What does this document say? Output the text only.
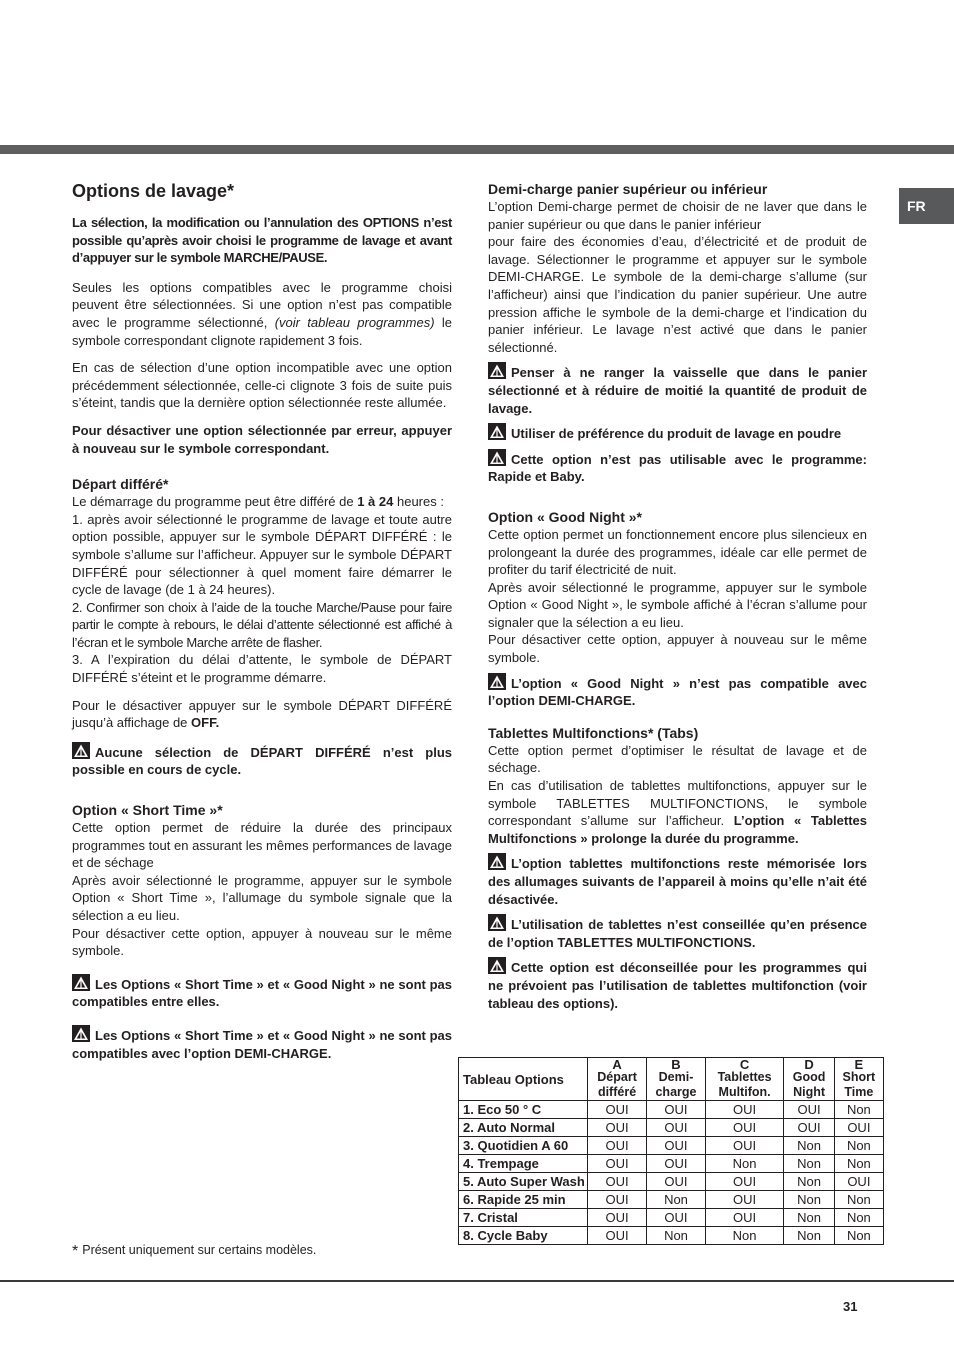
FR
Options de lavage*

La sélection, la modification ou l’annulation des OPTIONS n’est possible qu’après avoir choisi le programme de lavage et avant d’appuyer sur le symbole MARCHE/PAUSE.

Seules les options compatibles avec le programme choisi peuvent être sélectionnées. Si une option n’est pas compatible avec le programme sélectionné, (voir tableau programmes) le symbole correspondant clignote rapidement 3 fois.

En cas de sélection d’une option incompatible avec une option précédemment sélectionnée, celle-ci clignote 3 fois de suite puis s’éteint, tandis que la dernière option sélectionnée reste allumée.

Pour désactiver une option sélectionnée par erreur, appuyer à nouveau sur le symbole correspondant.

Départ différé*

Le démarrage du programme peut être différé de 1 à 24 heures :

1. après avoir sélectionné le programme de lavage et toute autre option possible, appuyer sur le symbole DÉPART DIFFÉRÉ : le symbole s’allume sur l’afficheur. Appuyer sur le symbole DÉPART DIFFÉRÉ pour sélectionner à quel moment faire démarrer le cycle de lavage (de 1 à 24 heures).

2. Confirmer son choix à l’aide de la touche Marche/Pause pour faire partir le compte à rebours, le délai d’attente sélectionné est affiché à l’écran et le symbole Marche arrête de flasher.

3. A l’expiration du délai d’attente, le symbole de DÉPART DIFFÉRÉ s’éteint et le programme démarre.

Pour le désactiver appuyer sur le symbole DÉPART DIFFÉRÉ jusqu’à affichage de OFF.

Aucune sélection de DÉPART DIFFÉRÉ n’est plus possible en cours de cycle.

Option « Short Time »*

Cette option permet de réduire la durée des principaux programmes tout en assurant les mêmes performances de lavage et de séchage

Après avoir sélectionné le programme, appuyer sur le symbole Option « Short Time », l’allumage du symbole signale que la sélection a eu lieu.

Pour désactiver cette option, appuyer à nouveau sur le même symbole.

Les Options « Short Time » et « Good Night » ne sont pas compatibles entre elles.

Les Options « Short Time » et « Good Night » ne sont pas compatibles avec l’option DEMI-CHARGE.

Demi-charge panier supérieur ou inférieur

L’option Demi-charge permet de choisir de ne laver que dans le panier supérieur ou que dans le panier inférieur

pour faire des économies d’eau, d’électricité et de produit de lavage. Sélectionner le programme et appuyer sur le symbole DEMI-CHARGE. Le symbole de la demi-charge s’allume (sur l’afficheur) ainsi que l’indication du panier supérieur. Une autre pression affiche le symbole de la demi-charge et l’indication du panier inférieur. Le lavage n’est activé que dans le panier sélectionné.

Penser à ne ranger la vaisselle que dans le panier sélectionné et à réduire de moitié la quantité de produit de lavage.

Utiliser de préférence du produit de lavage en poudre

Cette option n’est pas utilisable avec le programme: Rapide et Baby.

Option « Good Night »*

Cette option permet un fonctionnement encore plus silencieux en prolongeant la durée des programmes, idéale car elle permet de profiter du tarif électricité de nuit.

Après avoir sélectionné le programme, appuyer sur le symbole Option « Good Night », le symbole affiché à l’écran s’allume pour signaler que la sélection a eu lieu.

Pour désactiver cette option, appuyer à nouveau sur le même symbole.

L’option « Good Night » n’est pas compatible avec l’option DEMI-CHARGE.

Tablettes Multifonctions* (Tabs)

Cette option permet d’optimiser le résultat de lavage et de séchage.

En cas d’utilisation de tablettes multifonctions, appuyer sur le symbole TABLETTES MULTIFONCTIONS, le symbole correspondant s’allume sur l’afficheur. L’option « Tablettes Multifonctions » prolonge la durée du programme.

L’option tablettes multifonctions reste mémorisée lors des allumages suivants de l’appareil à moins qu’elle n’ait été désactivée.

L’utilisation de tablettes n’est conseillée qu’en présence de l’option TABLETTES MULTIFONCTIONS.

Cette option est déconseillée pour les programmes qui ne prévoient pas l’utilisation de tablettes multifonction (voir tableau des options).

Tableau Options	A	B	C	D	E
	Départ différé	Demi-charge	Tablettes Multifon.	Good Night	Short Time
1. Eco 50 ° C	OUI	OUI	OUI	OUI	Non
2. Auto Normal	OUI	OUI	OUI	OUI	OUI
3. Quotidien A 60	OUI	OUI	OUI	Non	Non
4. Trempage	OUI	OUI	Non	Non	Non
5. Auto Super Wash	OUI	OUI	OUI	Non	OUI
6. Rapide 25 min	OUI	Non	OUI	Non	Non
7. Cristal	OUI	OUI	OUI	Non	Non
8. Cycle Baby	OUI	Non	Non	Non	Non
* Présent uniquement sur certains modèles.
31
